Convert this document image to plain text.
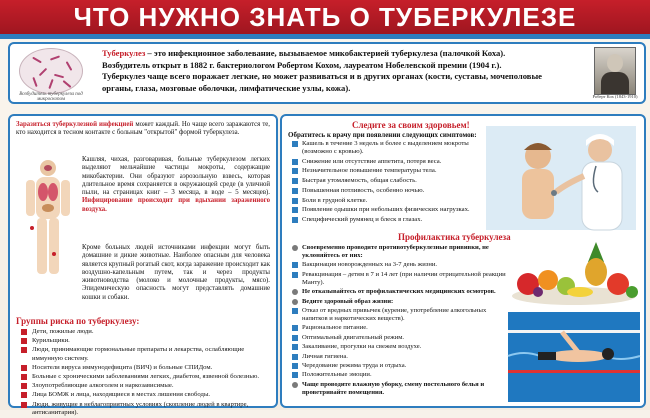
ЧТО НУЖНО ЗНАТЬ О ТУБЕРКУЛЕЗЕ
Возбудитель туберкулеза под микроскопом

Туберкулез – это инфекционное заболевание, вызываемое микобактерией туберкулеза (палочкой Коха).

Возбудитель открыт в 1882 г. бактериологом Робертом Кохом, лауреатом Нобелевской премии (1904 г.).

Туберкулез чаще всего поражает легкие, но может развиваться и в других органах (кости, суставы, мочеполовые органы, глаза, мозговые оболочки, лимфатические узлы, кожа).

Роберт Кох (1843-1910)

Заразиться туберкулезной инфекцией может каждый. Но чаще всего заражаются те, кто находится в тесном контакте с больным "открытой" формой туберкулеза.

Кашляя, чихая, разговаривая, больные туберкулезом легких выделяют мельчайшие частицы мокроты, содержащие микобактерии. Они образуют аэрозольную взвесь, которая длительное время сохраняется в окружающей среде (в уличной пыли, на страницах книг – 3 месяца, в воде – 5 месяцев). Инфицирование происходит при вдыхании зараженного воздуха.

Кроме больных людей источниками инфекции могут быть домашние и дикие животные. Наиболее опасным для человека является крупный рогатый скот, когда заражение происходит как воздушно-капельным путем, так и через продукты животноводства (молоко и молочные продукты, мясо). Эпидемическую опасность могут представлять домашние кошки и собаки.

Группы риска по туберкулезу:
Дети, пожилые люди.
Курильщики.
Люди, принимающие гормональные препараты и лекарства, ослабляющие иммунную систему.
Носители вируса иммунодефицита (ВИЧ) и больные СПИДом.
Больные с хроническими заболеваниями легких, диабетом, язвенной болезнью.
Злоупотребляющие алкоголем и наркозависимые.
Лица БОМЖ и лица, находящиеся в местах лишения свободы.
Люди, живущие в неблагоприятных условиях (скопление людей в квартире, антисанитария).
Следите за своим здоровьем!
Обратитесь к врачу при появлении следующих симптомов:
Кашель в течение 3 недель и более с выделением мокроты (возможно с кровью).
Снижение или отсутствие аппетита, потеря веса.
Незначительное повышение температуры тела.
Быстрая утомляемость, общая слабость.
Повышенная потливость, особенно ночью.
Боли в грудной клетке.
Появление одышки при небольших физических нагрузках.
Специфический румянец и блеск в глазах.
Профилактика туберкулеза
Своевременно проводите противотуберкулезные прививки, не уклоняйтесь от них:
Вакцинация новорожденных на 3-7 день жизни.
Ревакцинация – детям в 7 и 14 лет (при наличии отрицательной реакции Манту).
Не отказывайтесь от профилактических медицинских осмотров.
Ведите здоровый образ жизни:
Отказ от вредных привычек (курение, употребление алкогольных напитков и наркотических веществ).
Рациональное питание.
Оптимальный двигательный режим.
Закаливание, прогулки на свежем воздухе.
Личная гигиена.
Чередование режима труда и отдыха.
Положительные эмоции.
Чаще проводите влажную уборку, смену постельного белья и проветривайте помещения.
